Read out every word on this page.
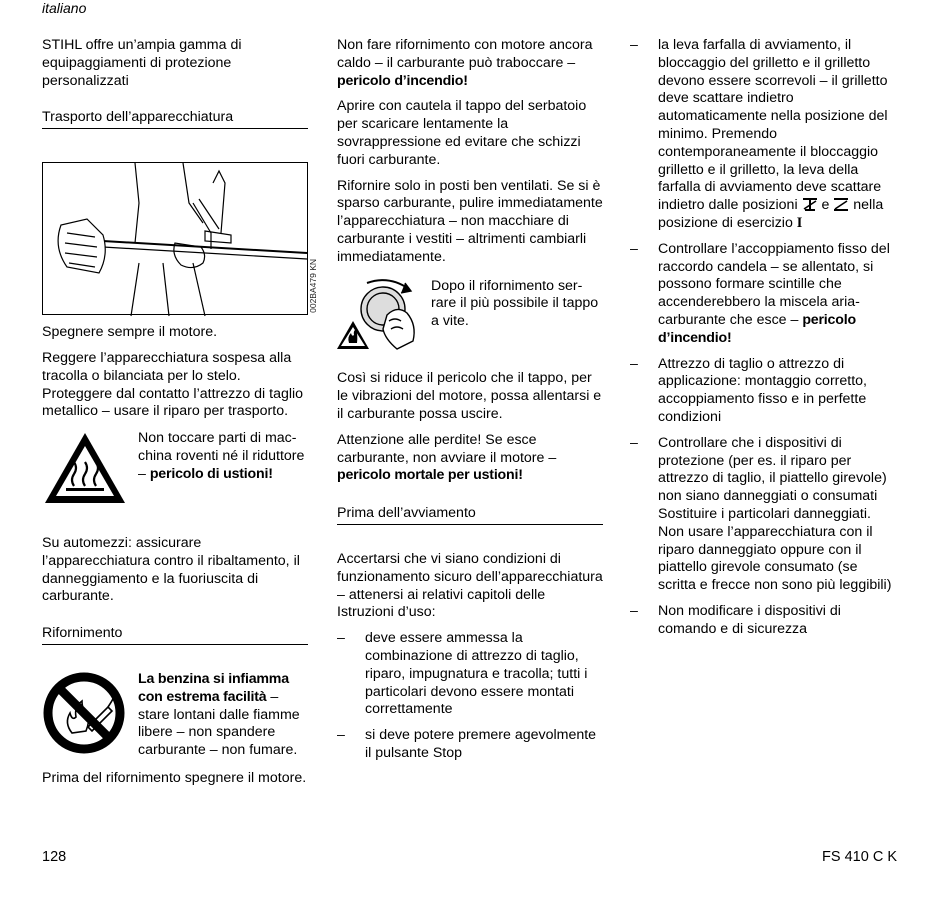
italiano

STIHL offre un’ampia gamma di equipaggiamenti di protezione personalizzati

Trasporto dell’apparecchiatura

002BA479 KN

Spegnere sempre il motore.

Reggere l’apparecchiatura sospesa alla tracolla o bilanciata per lo stelo. Proteggere dal contatto l’attrezzo di taglio metallico – usare il riparo per trasporto.

Non toccare parti di mac-china roventi né il riduttore – pericolo di ustioni!

Su automezzi: assicurare l’apparecchiatura contro il ribaltamento, il danneggiamento e la fuoriuscita di carburante.

Rifornimento

La benzina si infiamma con estrema facilità – stare lontani dalle fiamme libere – non spandere carburante – non fumare.

Prima del rifornimento spegnere il motore.

Non fare rifornimento con motore ancora caldo – il carburante può traboccare – pericolo d’incendio!

Aprire con cautela il tappo del serbatoio per scaricare lentamente la sovrappressione ed evitare che schizzi fuori carburante.

Rifornire solo in posti ben ventilati. Se si è sparso carburante, pulire immediatamente l’apparecchiatura – non macchiare di carburante i vestiti – altrimenti cambiarli immediatamente.

Dopo il rifornimento ser-rare il più possibile il tappo a vite.

Così si riduce il pericolo che il tappo, per le vibrazioni del motore, possa allentarsi e il carburante possa uscire.

Attenzione alle perdite! Se esce carburante, non avviare il motore – pericolo mortale per ustioni!

Prima dell’avviamento

Accertarsi che vi siano condizioni di funzionamento sicuro dell’apparecchiatura – attenersi ai relativi capitoli delle Istruzioni d’uso:

–	deve essere ammessa la combinazione di attrezzo di taglio, riparo, impugnatura e tracolla; tutti i particolari devono essere montati correttamente
–	si deve potere premere agevolmente il pulsante Stop
–	la leva farfalla di avviamento, il bloccaggio del grilletto e il grilletto devono essere scorrevoli – il grilletto deve scattare indietro automaticamente nella posizione del minimo. Premendo contemporaneamente il bloccaggio grilletto e il grilletto, la leva della farfalla di avviamento deve scattare indietro dalle posizioni  e  nella posizione di esercizio I
–	Controllare l’accoppiamento fisso del raccordo candela – se allentato, si possono formare scintille che accenderebbero la miscela aria-carburante che esce – pericolo d’incendio!
–	Attrezzo di taglio o attrezzo di applicazione: montaggio corretto, accoppiamento fisso e in perfette condizioni
–	Controllare che i dispositivi di protezione (per es. il riparo per attrezzo di taglio, il piattello girevole) non siano danneggiati o consumati Sostituire i particolari danneggiati. Non usare l’apparecchiatura con il riparo danneggiato oppure con il piattello girevole consumato (se scritta e frecce non sono più leggibili)
–	Non modificare i dispositivi di comando e di sicurezza
128	FS 410 C K
